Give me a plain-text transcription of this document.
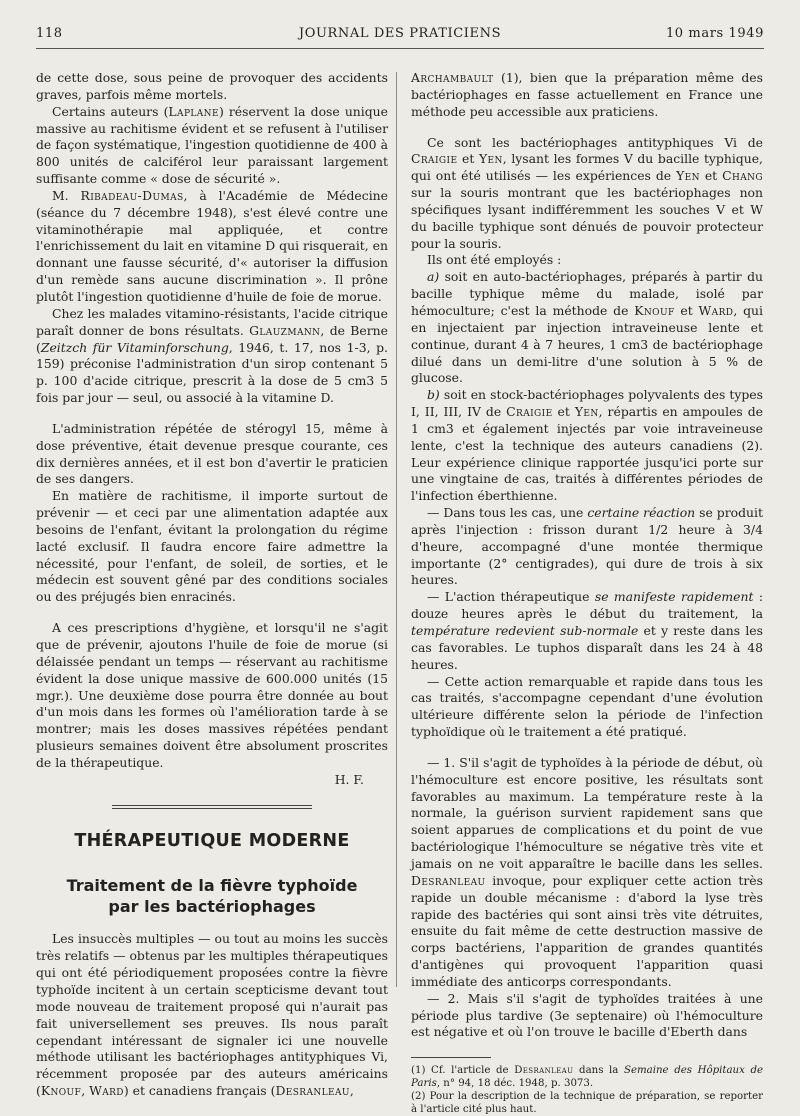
118	JOURNAL DES PRATICIENS	10 mars 1949

de cette dose, sous peine de provoquer des accidents graves, parfois même mortels.

Certains auteurs (Laplane) réservent la dose unique massive au rachitisme évident et se refusent à l'utiliser de façon systématique, l'ingestion quotidienne de 400 à 800 unités de calciférol leur paraissant largement suffisante comme « dose de sécurité ».

M. Ribadeau-Dumas, à l'Académie de Médecine (séance du 7 décembre 1948), s'est élevé contre une vitaminothérapie mal appliquée, et contre l'enrichissement du lait en vitamine D qui risquerait, en donnant une fausse sécurité, d'« autoriser la diffusion d'un remède sans aucune discrimination ». Il prône plutôt l'ingestion quotidienne d'huile de foie de morue.

Chez les malades vitamino-résistants, l'acide citrique paraît donner de bons résultats. Glauzmann, de Berne (Zeitzch für Vitaminforschung, 1946, t. 17, nos 1-3, p. 159) préconise l'administration d'un sirop contenant 5 p. 100 d'acide citrique, prescrit à la dose de 5 cm3 5 fois par jour — seul, ou associé à la vitamine D.

L'administration répétée de stérogyl 15, même à dose préventive, était devenue presque courante, ces dix dernières années, et il est bon d'avertir le praticien de ses dangers.

En matière de rachitisme, il importe surtout de prévenir — et ceci par une alimentation adaptée aux besoins de l'enfant, évitant la prolongation du régime lacté exclusif. Il faudra encore faire admettre la nécessité, pour l'enfant, de soleil, de sorties, et le médecin est souvent gêné par des conditions sociales ou des préjugés bien enracinés.

A ces prescriptions d'hygiène, et lorsqu'il ne s'agit que de prévenir, ajoutons l'huile de foie de morue (si délaissée pendant un temps — réservant au rachitisme évident la dose unique massive de 600.000 unités (15 mgr.). Une deuxième dose pourra être donnée au bout d'un mois dans les formes où l'amélioration tarde à se montrer; mais les doses massives répétées pendant plusieurs semaines doivent être absolument proscrites de la thérapeutique.

H. F.

THÉRAPEUTIQUE MODERNE
Traitement de la fièvre typhoïde
par les bactériophages

Les insuccès multiples — ou tout au moins les succès très relatifs — obtenus par les multiples thérapeutiques qui ont été périodiquement proposées contre la fièvre typhoïde incitent à un certain scepticisme devant tout mode nouveau de traitement proposé qui n'aurait pas fait universellement ses preuves. Ils nous paraît cependant intéressant de signaler ici une nouvelle méthode utilisant les bactériophages antityphiques Vi, récemment proposée par des auteurs américains (Knouf, Ward) et canadiens français (Desranleau,

Archambault (1), bien que la préparation même des bactériophages en fasse actuellement en France une méthode peu accessible aux praticiens.

Ce sont les bactériophages antityphiques Vi de Craigie et Yen, lysant les formes V du bacille typhique, qui ont été utilisés — les expériences de Yen et Chang sur la souris montrant que les bactériophages non spécifiques lysant indifféremment les souches V et W du bacille typhique sont dénués de pouvoir protecteur pour la souris.

Ils ont été employés :

a) soit en auto-bactériophages, préparés à partir du bacille typhique même du malade, isolé par hémoculture; c'est la méthode de Knouf et Ward, qui en injectaient par injection intraveineuse lente et continue, durant 4 à 7 heures, 1 cm3 de bactériophage dilué dans un demi-litre d'une solution à 5 % de glucose.

b) soit en stock-bactériophages polyvalents des types I, II, III, IV de Craigie et Yen, répartis en ampoules de 1 cm3 et également injectés par voie intraveineuse lente, c'est la technique des auteurs canadiens (2). Leur expérience clinique rapportée jusqu'ici porte sur une vingtaine de cas, traités à différentes périodes de l'infection éberthienne.

— Dans tous les cas, une certaine réaction se produit après l'injection : frisson durant 1/2 heure à 3/4 d'heure, accompagné d'une montée thermique importante (2° centigrades), qui dure de trois à six heures.

— L'action thérapeutique se manifeste rapidement : douze heures après le début du traitement, la température redevient sub-normale et y reste dans les cas favorables. Le tuphos disparaît dans les 24 à 48 heures.

— Cette action remarquable et rapide dans tous les cas traités, s'accompagne cependant d'une évolution ultérieure différente selon la période de l'infection typhoïdique où le traitement a été pratiqué.

— 1. S'il s'agit de typhoïdes à la période de début, où l'hémoculture est encore positive, les résultats sont favorables au maximum. La température reste à la normale, la guérison survient rapidement sans que soient apparues de complications et du point de vue bactériologique l'hémoculture se négative très vite et jamais on ne voit apparaître le bacille dans les selles. Desranleau invoque, pour expliquer cette action très rapide un double mécanisme : d'abord la lyse très rapide des bactéries qui sont ainsi très vite détruites, ensuite du fait même de cette destruction massive de corps bactériens, l'apparition de grandes quantités d'antigènes qui provoquent l'apparition quasi immédiate des anticorps correspondants.

— 2. Mais s'il s'agit de typhoïdes traitées à une période plus tardive (3e septenaire) où l'hémoculture est négative et où l'on trouve le bacille d'Eberth dans

(1) Cf. l'article de Desranleau dans la Semaine des Hôpitaux de Paris, n° 94, 18 déc. 1948, p. 3073.

(2) Pour la description de la technique de préparation, se reporter à l'article cité plus haut.
